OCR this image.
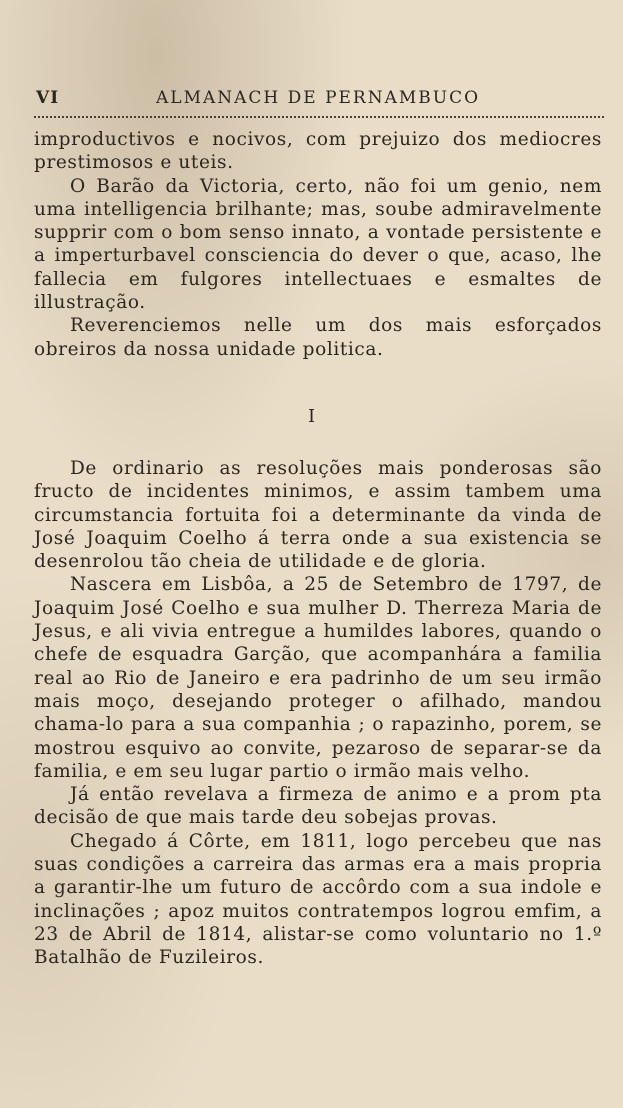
VI	ALMANACH DE PERNAMBUCO

improductivos e nocivos, com prejuizo dos mediocres prestimosos e uteis.

O Barão da Victoria, certo, não foi um genio, nem uma intelligencia brilhante; mas, soube admiravelmente supprir com o bom senso innato, a vontade persistente e a imperturbavel consciencia do dever o que, acaso, lhe fallecia em fulgores intellectuaes e esmaltes de illustração.

Reverenciemos nelle um dos mais esforçados obreiros da nossa unidade politica.

I

De ordinario as resoluções mais ponderosas são fructo de incidentes minimos, e assim tambem uma circumstancia fortuita foi a determinante da vinda de José Joaquim Coelho á terra onde a sua existencia se desenrolou tão cheia de utilidade e de gloria.

Nascera em Lisbôa, a 25 de Setembro de 1797, de Joaquim José Coelho e sua mulher D. Therreza Maria de Jesus, e ali vivia entregue a humildes labores, quando o chefe de esquadra Garção, que acompanhára a familia real ao Rio de Janeiro e era padrinho de um seu irmão mais moço, desejando proteger o afilhado, mandou chama-lo para a sua companhia ; o rapazinho, porem, se mostrou esquivo ao convite, pezaroso de separar-se da familia, e em seu lugar partio o irmão mais velho.

Já então revelava a firmeza de animo e a prom pta decisão de que mais tarde deu sobejas provas.

Chegado á Côrte, em 1811, logo percebeu que nas suas condições a carreira das armas era a mais propria a garantir-lhe um futuro de accôrdo com a sua indole e inclinações ; apoz muitos contratempos logrou emfim, a 23 de Abril de 1814, alistar-se como voluntario no 1.º Batalhão de Fuzileiros.
